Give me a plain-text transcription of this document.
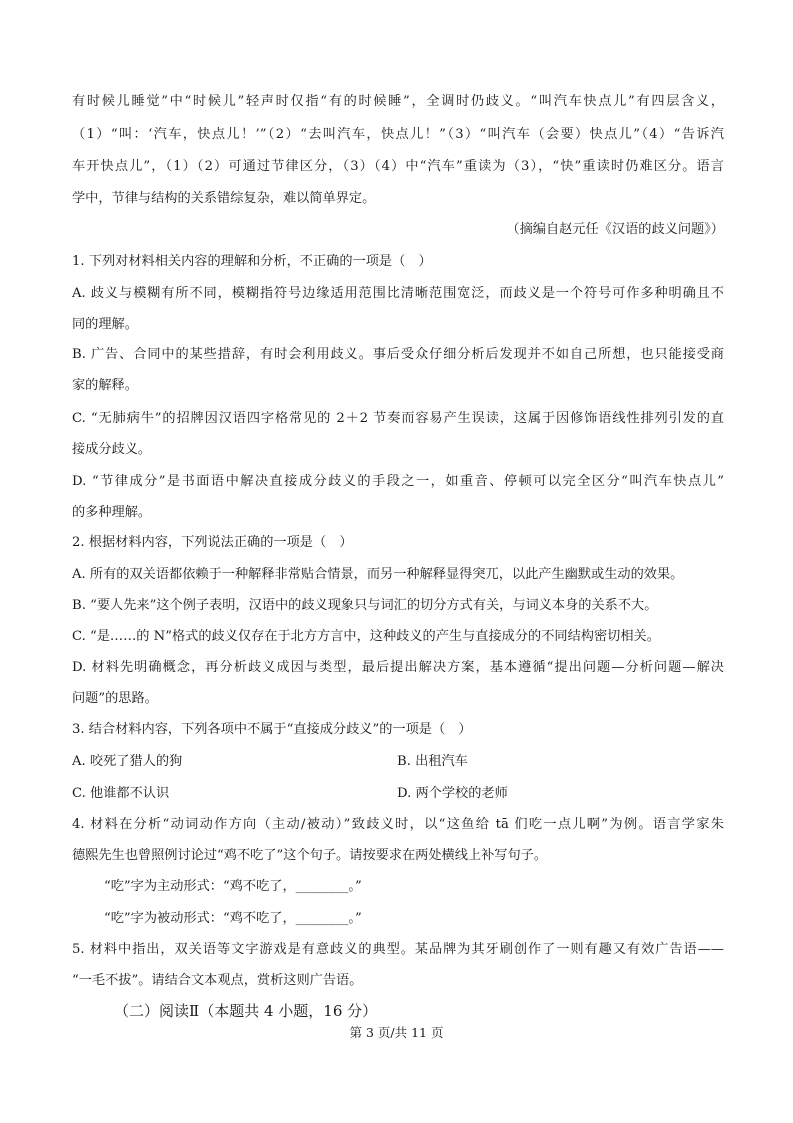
有时候儿睡觉”中“时候儿”轻声时仅指“有的时候睡”，全调时仍歧义。“叫汽车快点儿”有四层含义，
（1）“叫：‘汽车，快点儿！’”（2）“去叫汽车，快点儿！”（3）“叫汽车（会要）快点儿”（4）“告诉汽
车开快点儿”，（1）（2）可通过节律区分，（3）（4）中“汽车”重读为（3），“快”重读时仍难区分。语言
学中，节律与结构的关系错综复杂，难以简单界定。
（摘编自赵元任《汉语的歧义问题》）
1. 下列对材料相关内容的理解和分析，不正确的一项是（　）
A. 歧义与模糊有所不同，模糊指符号边缘适用范围比清晰范围宽泛，而歧义是一个符号可作多种明确且不
同的理解。
B. 广告、合同中的某些措辞，有时会利用歧义。事后受众仔细分析后发现并不如自己所想，也只能接受商
家的解释。
C. “无肺病牛”的招牌因汉语四字格常见的 2＋2 节奏而容易产生误读，这属于因修饰语线性排列引发的直
接成分歧义。
D. “节律成分”是书面语中解决直接成分歧义的手段之一，如重音、停顿可以完全区分“叫汽车快点儿”
的多种理解。
2. 根据材料内容，下列说法正确的一项是（　）
A. 所有的双关语都依赖于一种解释非常贴合情景，而另一种解释显得突兀，以此产生幽默或生动的效果。
B. “要人先来”这个例子表明，汉语中的歧义现象只与词汇的切分方式有关，与词义本身的关系不大。
C. “是……的 N”格式的歧义仅存在于北方方言中，这种歧义的产生与直接成分的不同结构密切相关。
D. 材料先明确概念，再分析歧义成因与类型，最后提出解决方案，基本遵循“提出问题—分析问题—解决
问题”的思路。
3. 结合材料内容，下列各项中不属于“直接成分歧义”的一项是（　）
A. 咬死了猎人的狗	B. 出租汽车
C. 他谁都不认识	D. 两个学校的老师
4. 材料在分析“动词动作方向（主动/被动）”致歧义时，以“这鱼给 tā 们吃一点儿啊”为例。语言学家朱
德熙先生也曾照例讨论过“鸡不吃了”这个句子。请按要求在两处横线上补写句子。
“吃”字为主动形式：“鸡不吃了，________。”
“吃”字为被动形式：“鸡不吃了，________。”
5. 材料中指出，双关语等文字游戏是有意歧义的典型。某品牌为其牙刷创作了一则有趣又有效广告语——
“一毛不拔”。请结合文本观点，赏析这则广告语。
（二）阅读Ⅱ（本题共 4 小题，16 分）
第 3 页/共 11 页
